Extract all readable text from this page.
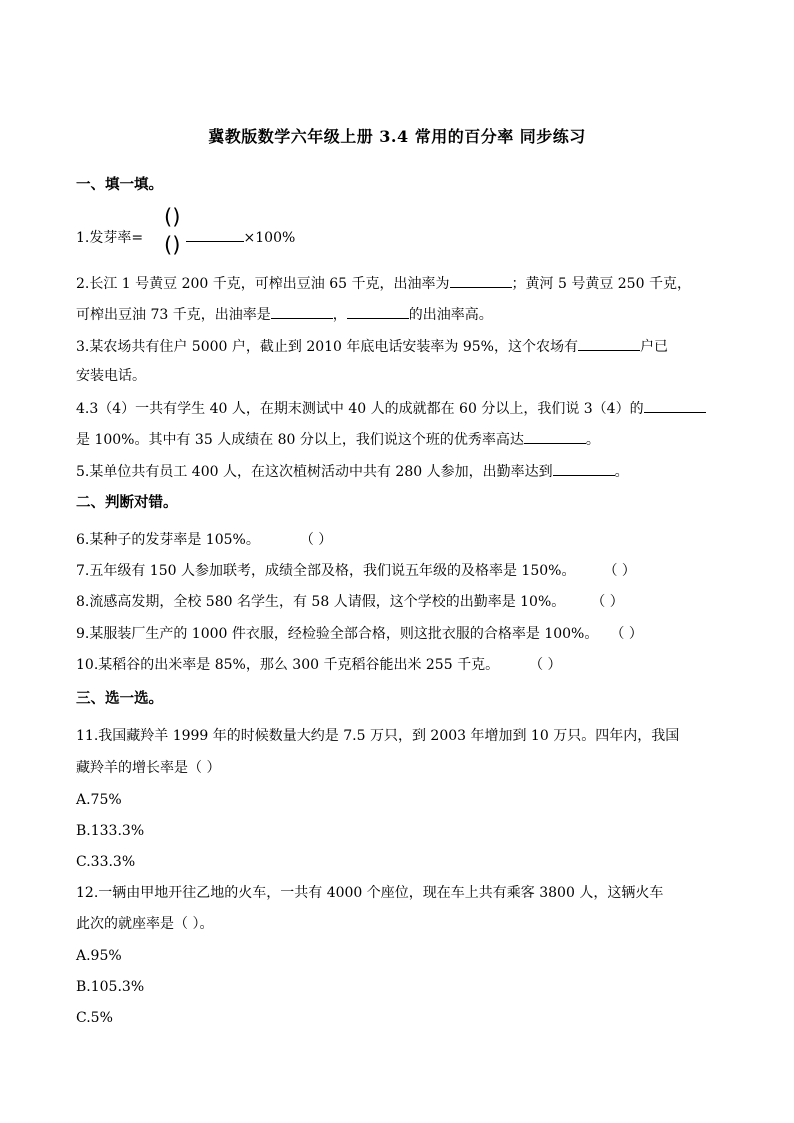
冀教版数学六年级上册 3.4 常用的百分率 同步练习
一、填一填。
1.发芽率=	×100%
()
()
2.长江 1 号黄豆 200 千克，可榨出豆油 65 千克，出油率为	；黄河 5 号黄豆 250 千克，
可榨出豆油 73 千克，出油率是	，	的出油率高。
3.某农场共有住户 5000 户，截止到 2010 年底电话安装率为 95%，这个农场有	户已
安装电话。
4.3（4）一共有学生 40 人，在期末测试中 40 人的成就都在 60 分以上，我们说 3（4）的
是 100%。其中有 35 人成绩在 80 分以上，我们说这个班的优秀率高达	。
5.某单位共有员工 400 人，在这次植树活动中共有 280 人参加，出勤率达到	。
二、判断对错。
6.某种子的发芽率是 105%。	（ ）
7.五年级有 150 人参加联考，成绩全部及格，我们说五年级的及格率是 150%。 （ ）
8.流感高发期，全校 580 名学生，有 58 人请假，这个学校的出勤率是 10%。 （ ）
9.某服装厂生产的 1000 件衣服，经检验全部合格，则这批衣服的合格率是 100%。 （ ）
10.某稻谷的出米率是 85%，那么 300 千克稻谷能出米 255 千克。 （ ）
三、选一选。
11.我国藏羚羊 1999 年的时候数量大约是 7.5 万只，到 2003 年增加到 10 万只。四年内，我国
藏羚羊的增长率是（ ）
A.75%
B.133.3%
C.33.3%
12.一辆由甲地开往乙地的火车，一共有 4000 个座位，现在车上共有乘客 3800 人，这辆火车
此次的就座率是（ ）。
A.95%
B.105.3%
C.5%
